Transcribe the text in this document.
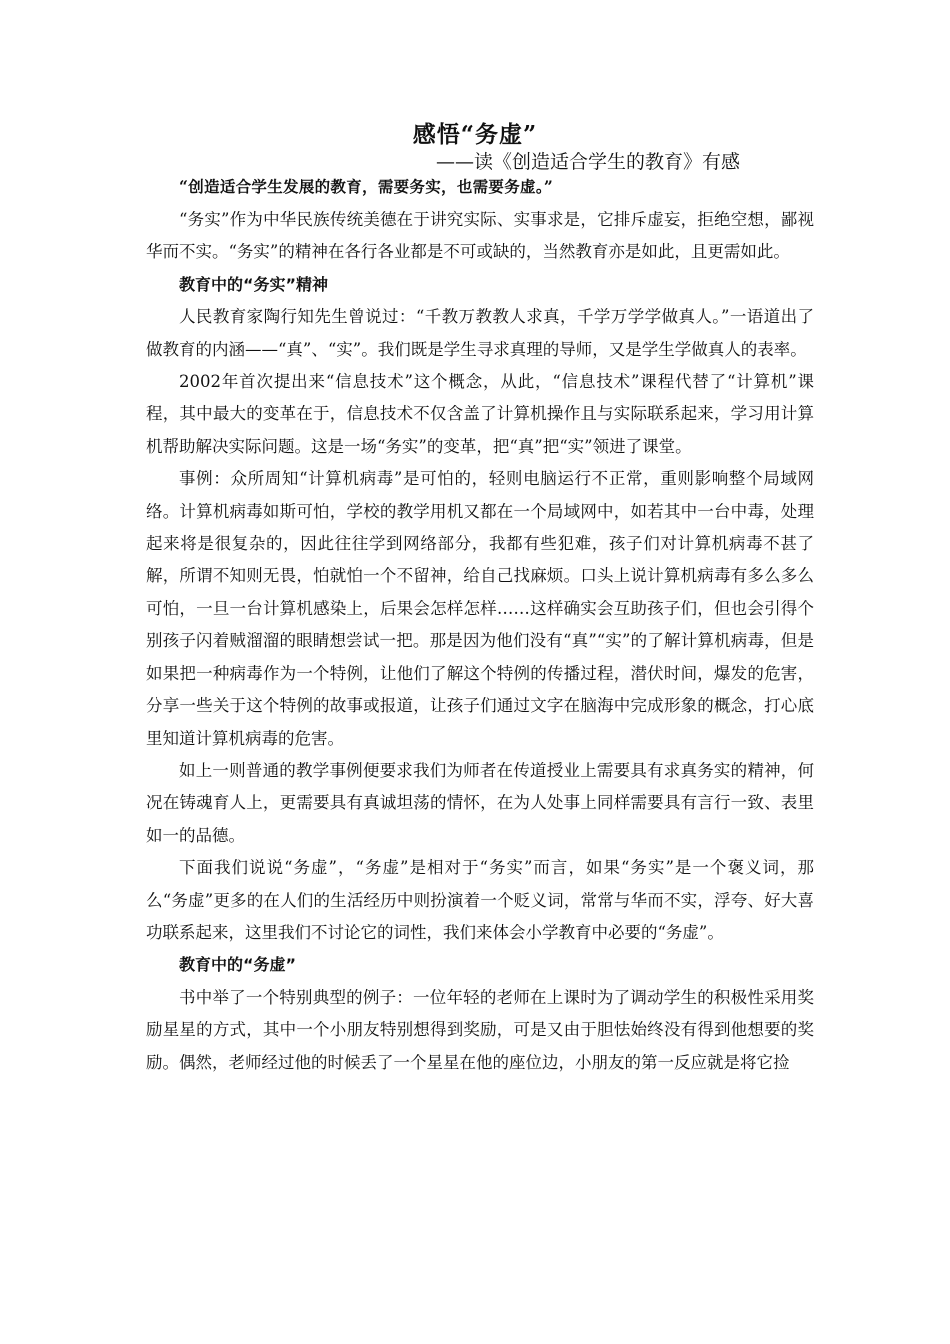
感悟“务虚”
——读《创造适合学生的教育》有感

“创造适合学生发展的教育，需要务实，也需要务虚。”

“务实”作为中华民族传统美德在于讲究实际、实事求是，它排斥虚妄，拒绝空想，鄙视华而不实。“务实”的精神在各行各业都是不可或缺的，当然教育亦是如此，且更需如此。

教育中的“务实”精神

人民教育家陶行知先生曾说过：“千教万教教人求真，千学万学学做真人。”一语道出了做教育的内涵——“真”、“实”。我们既是学生寻求真理的导师，又是学生学做真人的表率。

2002年首次提出来“信息技术”这个概念，从此，“信息技术”课程代替了“计算机”课程，其中最大的变革在于，信息技术不仅含盖了计算机操作且与实际联系起来，学习用计算机帮助解决实际问题。这是一场“务实”的变革，把“真”把“实”领进了课堂。

事例：众所周知“计算机病毒”是可怕的，轻则电脑运行不正常，重则影响整个局域网络。计算机病毒如斯可怕，学校的教学用机又都在一个局域网中，如若其中一台中毒，处理起来将是很复杂的，因此往往学到网络部分，我都有些犯难，孩子们对计算机病毒不甚了解，所谓不知则无畏，怕就怕一个不留神，给自己找麻烦。口头上说计算机病毒有多么多么可怕，一旦一台计算机感染上，后果会怎样怎样……这样确实会互助孩子们，但也会引得个别孩子闪着贼溜溜的眼睛想尝试一把。那是因为他们没有“真”“实”的了解计算机病毒，但是如果把一种病毒作为一个特例，让他们了解这个特例的传播过程，潜伏时间，爆发的危害，分享一些关于这个特例的故事或报道，让孩子们通过文字在脑海中完成形象的概念，打心底里知道计算机病毒的危害。

如上一则普通的教学事例便要求我们为师者在传道授业上需要具有求真务实的精神，何况在铸魂育人上，更需要具有真诚坦荡的情怀，在为人处事上同样需要具有言行一致、表里如一的品德。

下面我们说说“务虚”，“务虚”是相对于“务实”而言，如果“务实”是一个褒义词，那么“务虚”更多的在人们的生活经历中则扮演着一个贬义词，常常与华而不实，浮夸、好大喜功联系起来，这里我们不讨论它的词性，我们来体会小学教育中必要的“务虚”。

教育中的“务虚”

书中举了一个特别典型的例子：一位年轻的老师在上课时为了调动学生的积极性采用奖励星星的方式，其中一个小朋友特别想得到奖励，可是又由于胆怯始终没有得到他想要的奖励。偶然，老师经过他的时候丢了一个星星在他的座位边，小朋友的第一反应就是将它捡
